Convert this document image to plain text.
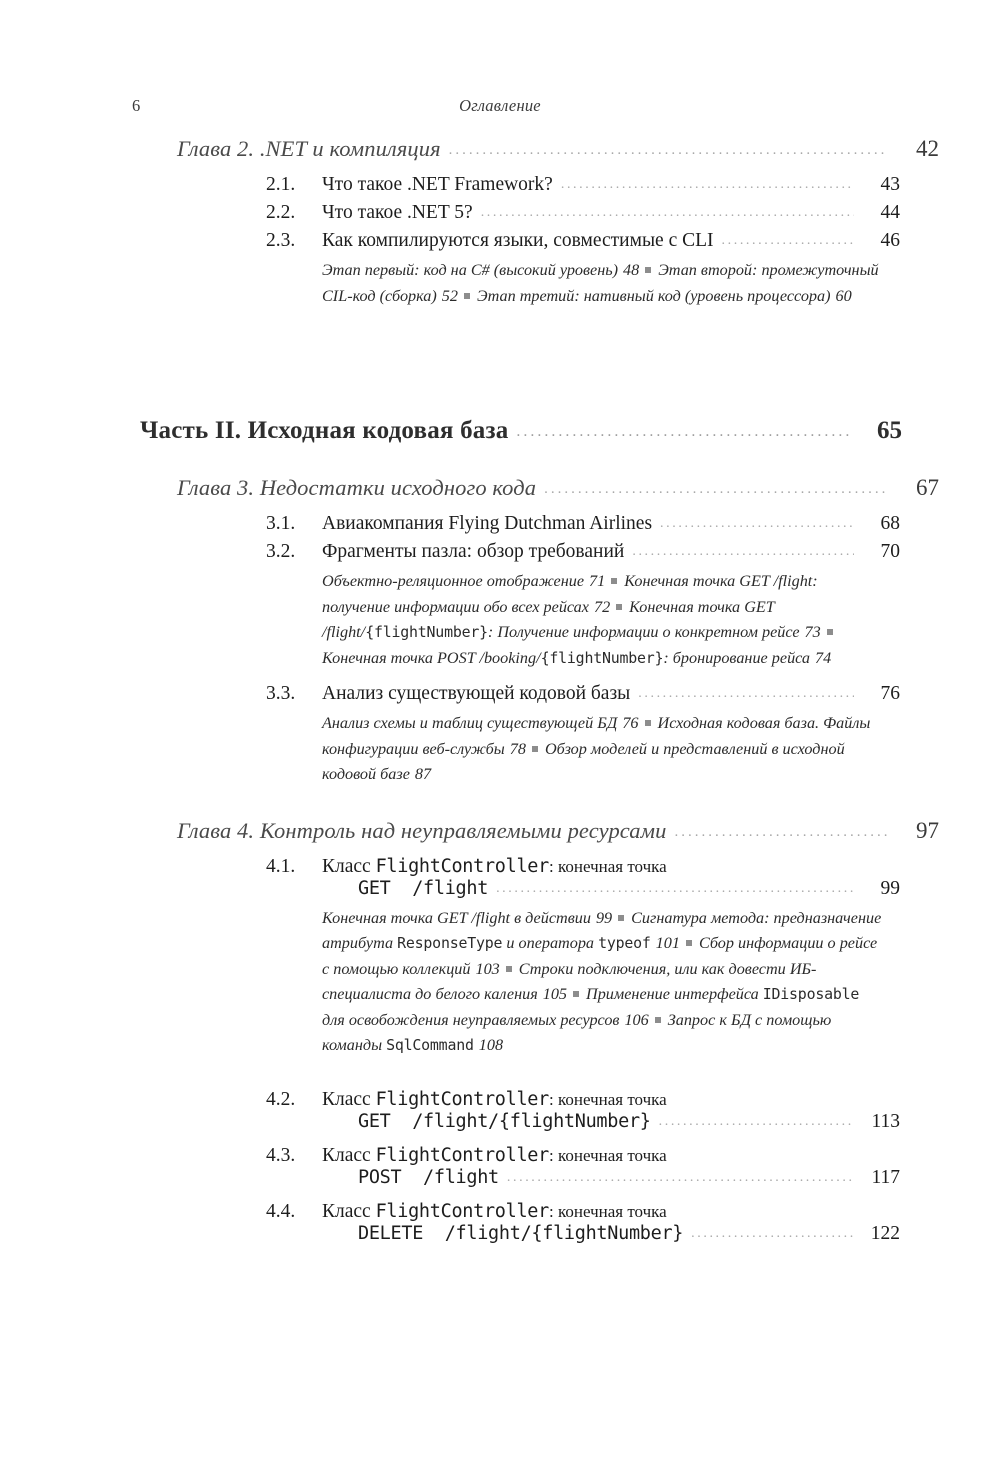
6	Оглавление
Глава 2. .NET и компиляция .....	42
2.1.	Что такое .NET Framework? .....	43
2.2.	Что такое .NET 5? .....	44
2.3.	Как компилируются языки, совместимые с CLI .....	46
Этап первый: код на C# (высокий уровень) 48 Этап второй: промежуточный CIL-код (сборка) 52 Этап третий: нативный код (уровень процессора) 60
Часть II. Исходная кодовая база .....	65
Глава 3. Недостатки исходного кода .....	67
3.1.	Авиакомпания Flying Dutchman Airlines .....	68
3.2.	Фрагменты пазла: обзор требований .....	70
Объектно-реляционное отображение 71 Конечная точка GET /flight: получение информации обо всех рейсах 72 Конечная точка GET /flight/{flightNumber}: Получение информации о конкретном рейсе 73Конечная точка POST /booking/{flightNumber}: бронирование рейса 74
3.3.	Анализ существующей кодовой базы .....	76
Анализ схемы и таблиц существующей БД 76 Исходная кодовая база. Файлы конфигурации веб-службы 78 Обзор моделей и представлений в исходной кодовой базе 87
Глава 4. Контроль над неуправляемыми ресурсами .....	97
4.1.	Класс FlightController: конечная точка
GET  /flight .....	99
Конечная точка GET /flight в действии 99 Сигнатура метода: предназначение атрибута ResponseType и оператора typeof 101 Сбор информации о рейсе с помощью коллекций 103 Строки подключения, или как довести ИБ-специалиста до белого каления 105 Применение интерфейса IDisposable для освобождения неуправляемых ресурсов 106 Запрос к БД с помощью команды SqlCommand 108
4.2.	Класс FlightController: конечная точка
GET  /flight/{flightNumber} .....	113
4.3.	Класс FlightController: конечная точка
POST  /flight .....	117
4.4.	Класс FlightController: конечная точка
DELETE  /flight/{flightNumber} .....	122
